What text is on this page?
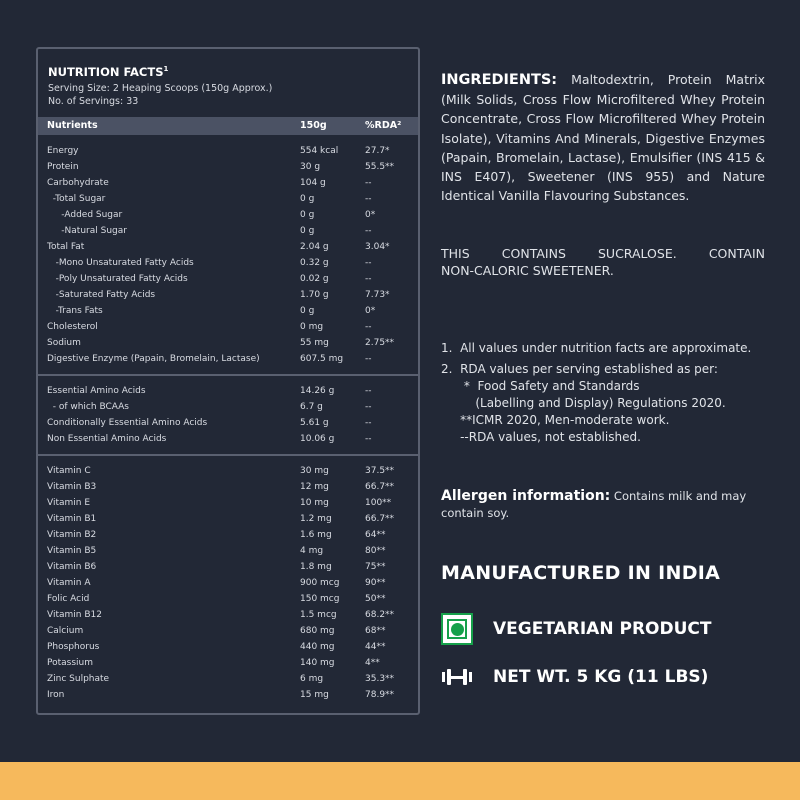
NUTRITION FACTS$^1$
Serving Size: 2 Heaping Scoops (150g Approx.)
No. of Servings: 33
Nutrients	150g	%RDA²
Energy	554 kcal	27.7*
Protein	30 g	55.5**
Carbohydrate	104 g	--
-Total Sugar	0 g	--
-Added Sugar	0 g	0*
-Natural Sugar	0 g	--
Total Fat	2.04 g	3.04*
-Mono Unsaturated Fatty Acids	0.32 g	--
-Poly Unsaturated Fatty Acids	0.02 g	--
-Saturated Fatty Acids	1.70 g	7.73*
-Trans Fats	0 g	0*
Cholesterol	0 mg	--
Sodium	55 mg	2.75**
Digestive Enzyme (Papain, Bromelain, Lactase)	607.5 mg --
Essential Amino Acids	14.26 g	--
- of which BCAAs	6.7 g	--
Conditionally Essential Amino Acids	5.61 g	--
Non Essential Amino Acids	10.06 g	--
Vitamin C	30 mg	37.5**
Vitamin B3	12 mg	66.7**
Vitamin E	10 mg	100**
Vitamin B1	1.2 mg	66.7**
Vitamin B2	1.6 mg	64**
Vitamin B5	4 mg	80**
Vitamin B6	1.8 mg	75**
Vitamin A	900 mcg	90**
Folic Acid	150 mcg	50**
Vitamin B12	1.5 mcg	68.2**
Calcium	680 mg	68**
Phosphorus	440 mg	44**
Potassium	140 mg	4**
Zinc Sulphate	6 mg	35.3**
Iron	15 mg	78.9**
INGREDIENTS: Maltodextrin, Protein Matrix (Milk Solids, Cross Flow Microfiltered Whey Protein Concentrate, Cross Flow Microfiltered Whey Protein Isolate), Vitamins And Minerals, Digestive Enzymes (Papain, Bromelain, Lactase), Emulsifier (INS 415 & INS E407), Sweetener (INS 955) and Nature Identical Vanilla Flavouring Substances.
THIS CONTAINS SUCRALOSE. CONTAIN
NON-CALORIC SWEETENER.
1.  All values under nutrition facts are approximate.
2.  RDA values per serving established as per:
*  Food Safety and Standards
(Labelling and Display) Regulations 2020.
**ICMR 2020, Men-moderate work.
--RDA values, not established.
Allergen information: Contains milk and may contain soy.
MANUFACTURED IN INDIA
VEGETARIAN PRODUCT
NET WT. 5 KG (11 LBS)
